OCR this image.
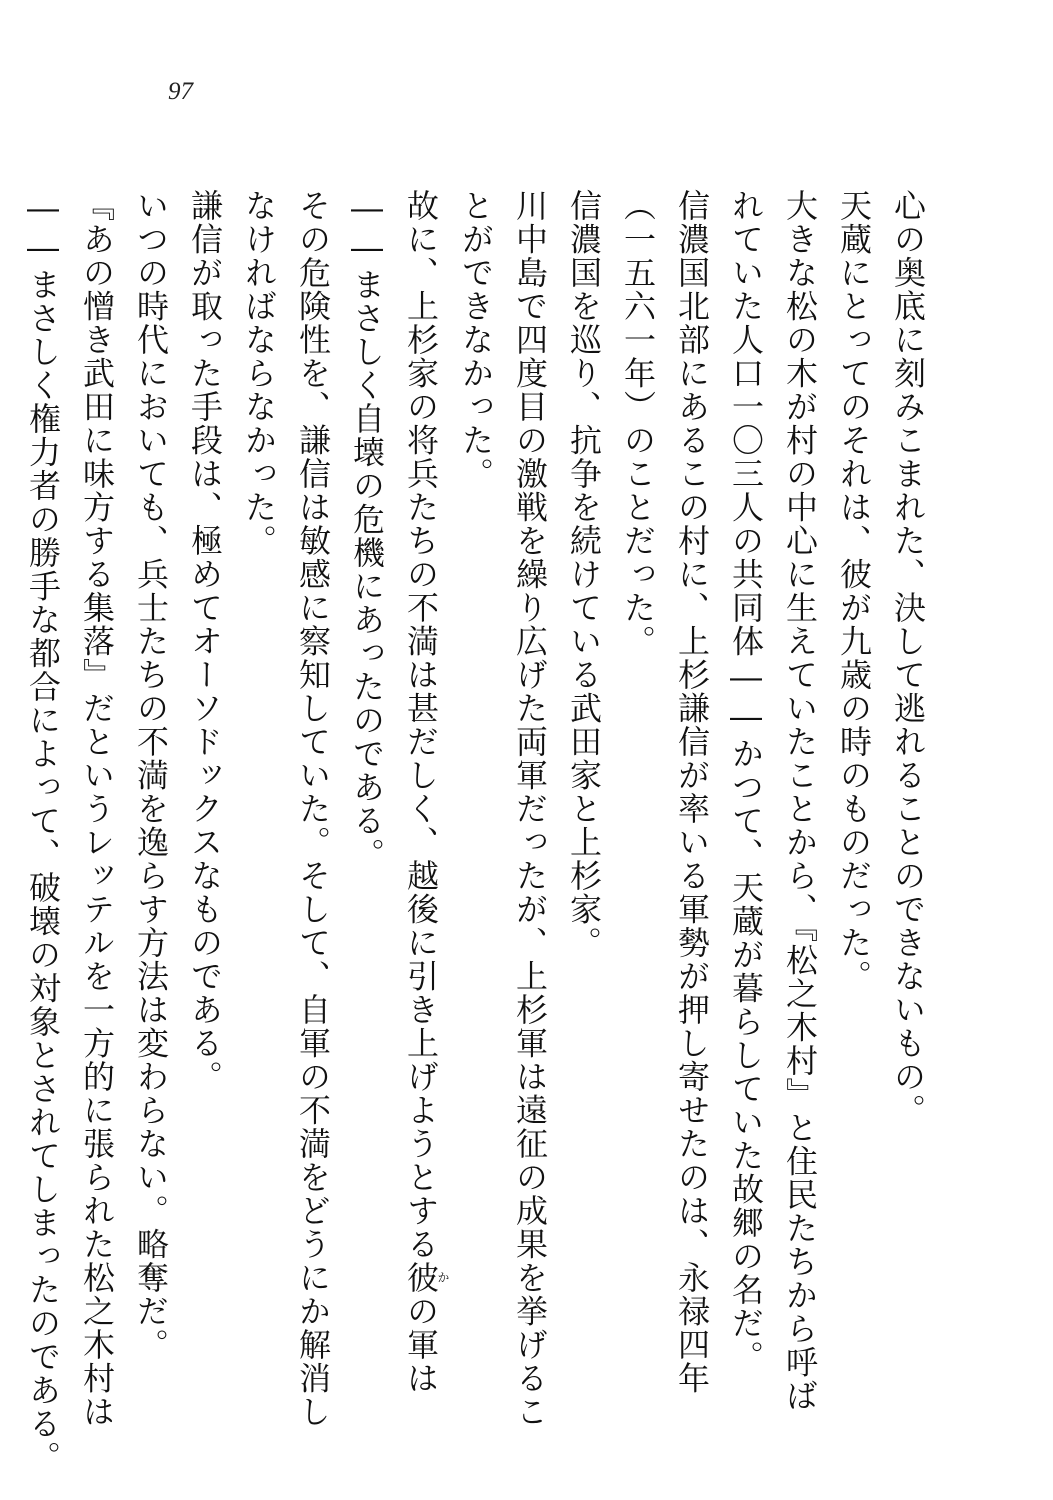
97
心の奥底に刻みこまれた、決して逃れることのできないもの。
天蔵にとってのそれは、彼が九歳の時のものだった。
大きな松の木が村の中心に生えていたことから、『松之木村』と住民たちから呼ば
れていた人口一〇三人の共同体――かつて、天蔵が暮らしていた故郷の名だ。
信濃国北部にあるこの村に、上杉謙信が率いる軍勢が押し寄せたのは、永禄四年
（一五六一年）のことだった。
信濃国を巡り、抗争を続けている武田家と上杉家。
川中島で四度目の激戦を繰り広げた両軍だったが、上杉軍は遠征の成果を挙げるこ
とができなかった。
故に、上杉家の将兵たちの不満は甚だしく、越後に引き上げようとする彼かの軍は
――まさしく自壊の危機にあったのである。
その危険性を、謙信は敏感に察知していた。そして、自軍の不満をどうにか解消し
なければならなかった。
謙信が取った手段は、極めてオーソドックスなものである。
いつの時代においても、兵士たちの不満を逸らす方法は変わらない。略奪だ。
『あの憎き武田に味方する集落』だというレッテルを一方的に張られた松之木村は
――まさしく権力者の勝手な都合によって、破壊の対象とされてしまったのである。
